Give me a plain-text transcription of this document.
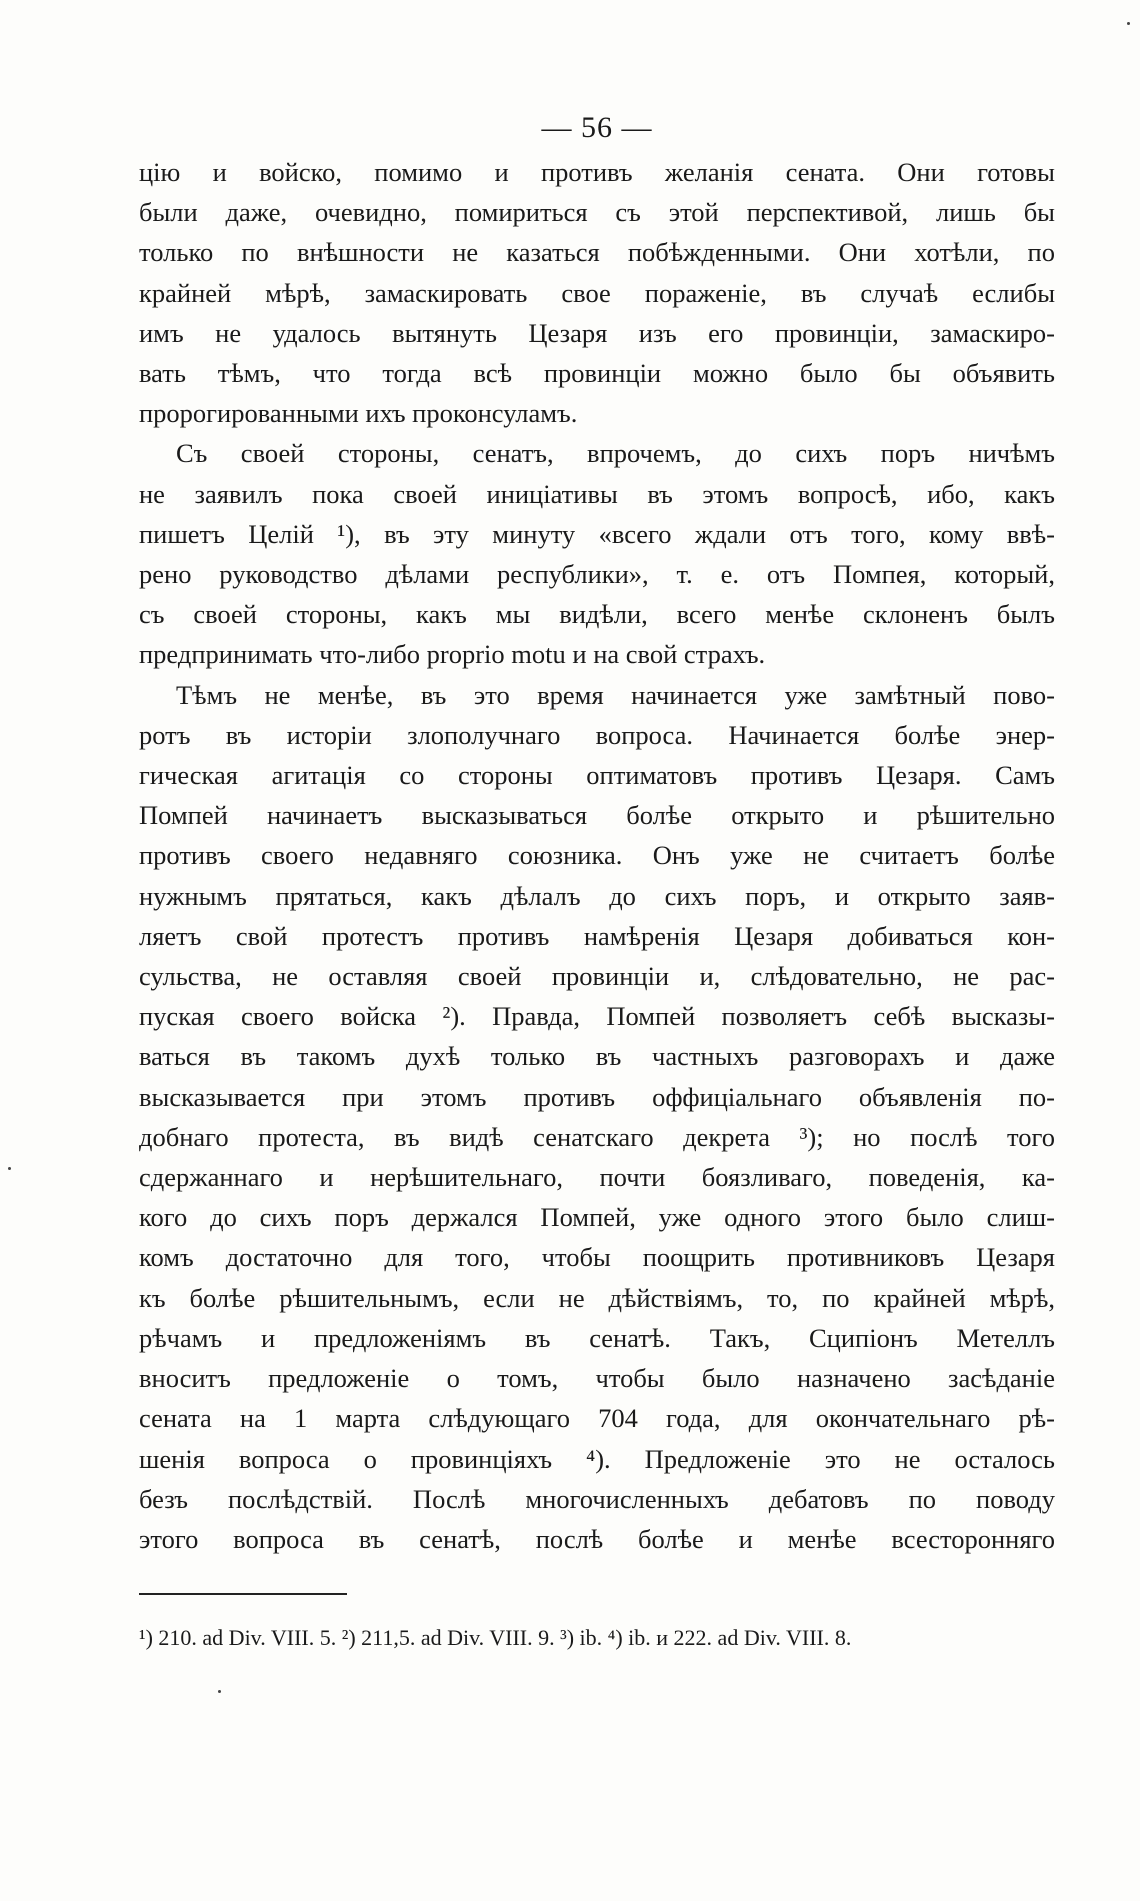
— 56 —

цію и войско, помимо и противъ желанія сената. Они готовы

были даже, очевидно, помириться съ этой перспективой, лишь бы

только по внѣшности не казаться побѣжденными. Они хотѣли, по

крайней мѣрѣ, замаскировать свое пораженіе, въ случаѣ еслибы

имъ не удалось вытянуть Цезаря изъ его провинціи, замаскиро-

вать тѣмъ, что тогда всѣ провинціи можно было бы объявить

пророгированными ихъ проконсуламъ.

Съ своей стороны, сенатъ, впрочемъ, до сихъ поръ ничѣмъ

не заявилъ пока своей иниціативы въ этомъ вопросѣ, ибо, какъ

пишетъ Целій ¹), въ эту минуту «всего ждали отъ того, кому ввѣ-

рено руководство дѣлами республики», т. е. отъ Помпея, который,

съ своей стороны, какъ мы видѣли, всего менѣе склоненъ былъ

предпринимать что-либо proprio motu и на свой страхъ.

Тѣмъ не менѣе, въ это время начинается уже замѣтный пово-

ротъ въ исторіи злополучнаго вопроса. Начинается болѣе энер-

гическая агитація со стороны оптиматовъ противъ Цезаря. Самъ

Помпей начинаетъ высказываться болѣе открыто и рѣшительно

противъ своего недавняго союзника. Онъ уже не считаетъ болѣе

нужнымъ прятаться, какъ дѣлалъ до сихъ поръ, и открыто заяв-

ляетъ свой протестъ противъ намѣренія Цезаря добиваться кон-

сульства, не оставляя своей провинціи и, слѣдовательно, не рас-

пуская своего войска ²). Правда, Помпей позволяетъ себѣ высказы-

ваться въ такомъ духѣ только въ частныхъ разговорахъ и даже

высказывается при этомъ противъ оффиціальнаго объявленія по-

добнаго протеста, въ видѣ сенатскаго декрета ³); но послѣ того

сдержаннаго и нерѣшительнаго, почти боязливаго, поведенія, ка-

кого до сихъ поръ держался Помпей, уже одного этого было слиш-

комъ достаточно для того, чтобы поощрить противниковъ Цезаря

къ болѣе рѣшительнымъ, если не дѣйствіямъ, то, по крайней мѣрѣ,

рѣчамъ и предложеніямъ въ сенатѣ. Такъ, Сципіонъ Метеллъ

вноситъ предложеніе о томъ, чтобы было назначено засѣданіе

сената на 1 марта слѣдующаго 704 года, для окончательнаго рѣ-

шенія вопроса о провинціяхъ ⁴). Предложеніе это не осталось

безъ послѣдствій. Послѣ многочисленныхъ дебатовъ по поводу

этого вопроса въ сенатѣ, послѣ болѣе и менѣе всесторонняго

¹) 210. ad Div. VIII. 5. ²) 211,5. ad Div. VIII. 9. ³) ib. ⁴) ib. и 222. ad Div. VIII. 8.
